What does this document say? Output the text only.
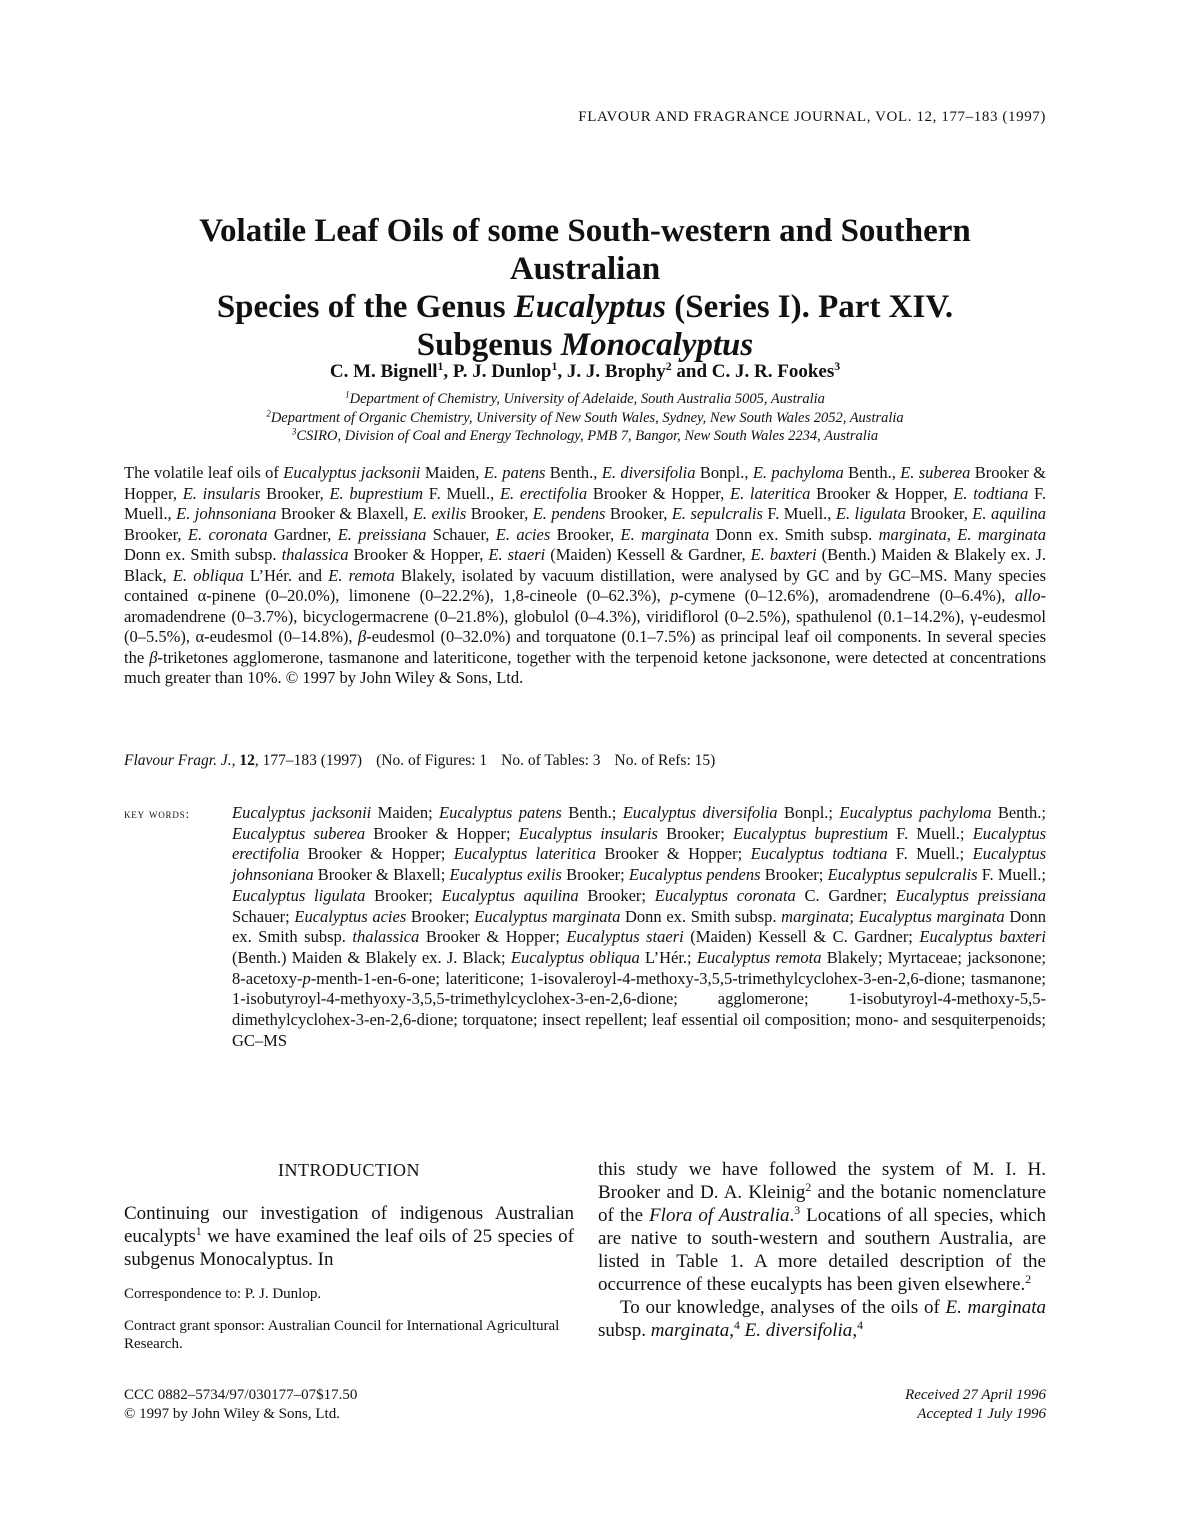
FLAVOUR AND FRAGRANCE JOURNAL, VOL. 12, 177–183 (1997)
Volatile Leaf Oils of some South-western and Southern Australian
Species of the Genus Eucalyptus (Series I). Part XIV.
Subgenus Monocalyptus
C. M. Bignell$^1$, P. J. Dunlop$^1$, J. J. Brophy$^2$ and C. J. R. Fookes$^3$
$^1$Department of Chemistry, University of Adelaide, South Australia 5005, Australia
$^2$Department of Organic Chemistry, University of New South Wales, Sydney, New South Wales 2052, Australia
$^3$CSIRO, Division of Coal and Energy Technology, PMB 7, Bangor, New South Wales 2234, Australia
The volatile leaf oils of Eucalyptus jacksonii Maiden, E. patens Benth., E. diversifolia Bonpl., E. pachyloma Benth., E. suberea Brooker & Hopper, E. insularis Brooker, E. buprestium F. Muell., E. erectifolia Brooker & Hopper, E. lateritica Brooker & Hopper, E. todtiana F. Muell., E. johnsoniana Brooker & Blaxell, E. exilis Brooker, E. pendens Brooker, E. sepulcralis F. Muell., E. ligulata Brooker, E. aquilina Brooker, E. coronata Gardner, E. preissiana Schauer, E. acies Brooker, E. marginata Donn ex. Smith subsp. marginata, E. marginata Donn ex. Smith subsp. thalassica Brooker & Hopper, E. staeri (Maiden) Kessell & Gardner, E. baxteri (Benth.) Maiden & Blakely ex. J. Black, E. obliqua L’Hér. and E. remota Blakely, isolated by vacuum distillation, were analysed by GC and by GC–MS. Many species contained α-pinene (0–20.0%), limonene (0–22.2%), 1,8-cineole (0–62.3%), p-cymene (0–12.6%), aromadendrene (0–6.4%), allo-aromadendrene (0–3.7%), bicyclogermacrene (0–21.8%), globulol (0–4.3%), viridiflorol (0–2.5%), spathulenol (0.1–14.2%), γ-eudesmol (0–5.5%), α-eudesmol (0–14.8%), β-eudesmol (0–32.0%) and torquatone (0.1–7.5%) as principal leaf oil components. In several species the β-triketones agglomerone, tasmanone and lateriticone, together with the terpenoid ketone jacksonone, were detected at concentrations much greater than 10%. © 1997 by John Wiley & Sons, Ltd.
Flavour Fragr. J., 12, 177–183 (1997) (No. of Figures: 1 No. of Tables: 3 No. of Refs: 15)
key words:	Eucalyptus jacksonii Maiden; Eucalyptus patens Benth.; Eucalyptus diversifolia Bonpl.; Eucalyptus pachyloma Benth.; Eucalyptus suberea Brooker & Hopper; Eucalyptus insularis Brooker; Eucalyptus buprestium F. Muell.; Eucalyptus erectifolia Brooker & Hopper; Eucalyptus lateritica Brooker & Hopper; Eucalyptus todtiana F. Muell.; Eucalyptus johnsoniana Brooker & Blaxell; Eucalyptus exilis Brooker; Eucalyptus pendens Brooker; Eucalyptus sepulcralis F. Muell.; Eucalyptus ligulata Brooker; Eucalyptus aquilina Brooker; Eucalyptus coronata C. Gardner; Eucalyptus preissiana Schauer; Eucalyptus acies Brooker; Eucalyptus marginata Donn ex. Smith subsp. marginata; Eucalyptus marginata Donn ex. Smith subsp. thalassica Brooker & Hopper; Eucalyptus staeri (Maiden) Kessell & C. Gardner; Eucalyptus baxteri (Benth.) Maiden & Blakely ex. J. Black; Eucalyptus obliqua L’Hér.; Eucalyptus remota Blakely; Myrtaceae; jacksonone; 8-acetoxy-p-menth-1-en-6-one; lateriticone; 1-isovaleroyl-4-methoxy-3,5,5-trimethylcyclohex-3-en-2,6-dione; tasmanone; 1-isobutyroyl-4-methyoxy-3,5,5-trimethylcyclohex-3-en-2,6-dione; agglomerone; 1-isobutyroyl-4-methoxy-5,5-dimethylcyclohex-3-en-2,6-dione; torquatone; insect repellent; leaf essential oil composition; mono- and sesquiterpenoids; GC–MS
INTRODUCTION

Continuing our investigation of indigenous Australian eucalypts$^1$ we have examined the leaf oils of 25 species of subgenus Monocalyptus. In

Correspondence to: P. J. Dunlop.

Contract grant sponsor: Australian Council for International Agricultural Research.

this study we have followed the system of M. I. H. Brooker and D. A. Kleinig$^2$ and the botanic nomenclature of the Flora of Australia.$^3$ Locations of all species, which are native to south-western and southern Australia, are listed in Table 1. A more detailed description of the occurrence of these eucalypts has been given elsewhere.$^2$

To our knowledge, analyses of the oils of E. marginata subsp. marginata,$^4$ E. diversifolia,$^4$

CCC 0882–5734/97/030177–07$17.50
© 1997 by John Wiley & Sons, Ltd.
Received 27 April 1996
Accepted 1 July 1996
